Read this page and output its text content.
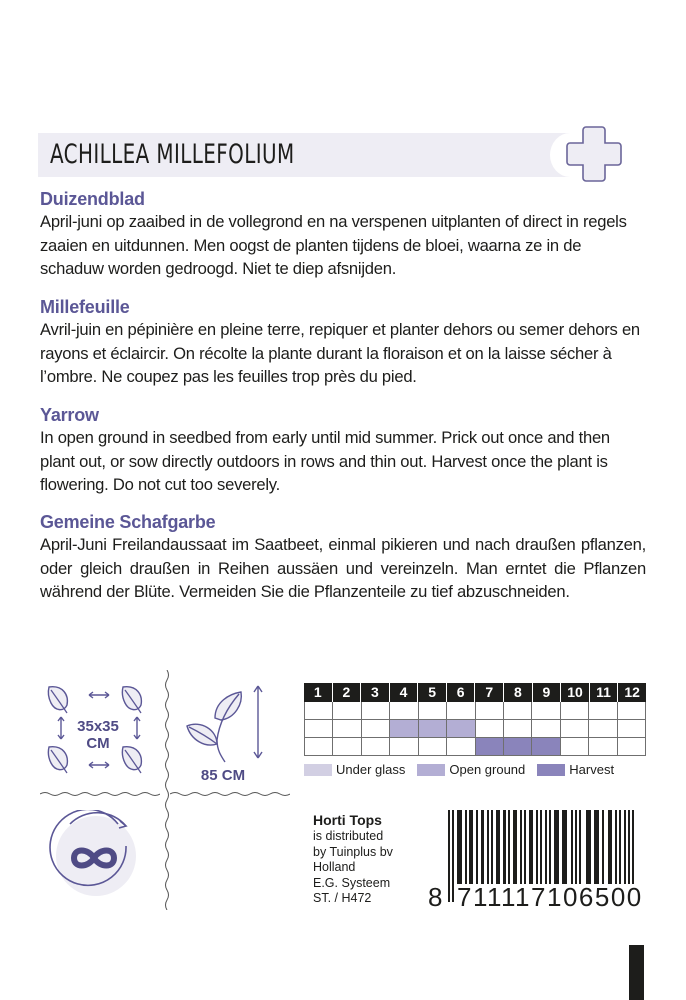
ACHILLEA MILLEFOLIUM
Duizendblad

April-juni op zaaibed in de vollegrond en na verspenen uitplanten of direct in regels zaaien en uitdunnen. Men oogst de planten tijdens de bloei, waarna ze in de schaduw worden gedroogd. Niet te diep afsnijden.

Millefeuille

Avril-juin en pépinière en pleine terre, repiquer et planter dehors ou semer dehors en rayons et éclaircir. On récolte la plante durant la floraison et on la laisse sécher à l’ombre. Ne coupez pas les feuilles trop près du pied.

Yarrow

In open ground in seedbed from early until mid summer. Prick out once and then plant out, or sow directly outdoors in rows and thin out. Harvest once the plant is flowering. Do not cut too severely.

Gemeine Schafgarbe

April-Juni Freilandaussaat im Saatbeet, einmal pikieren und nach draußen pflanzen, oder gleich draußen in Reihen aussäen und vereinzeln. Man erntet die Pflanzen während der Blüte. Vermeiden Sie die Pflanzenteile zu tief abzuschneiden.

35x35
CM
85 CM
1	2	3	4	5	6	7	8	9	10 11 12
Under glass	Open ground	Harvest
Horti Tops
is distributed
by Tuinplus bv
Holland
E.G. Systeem
ST. / H472	8 711117 106500
